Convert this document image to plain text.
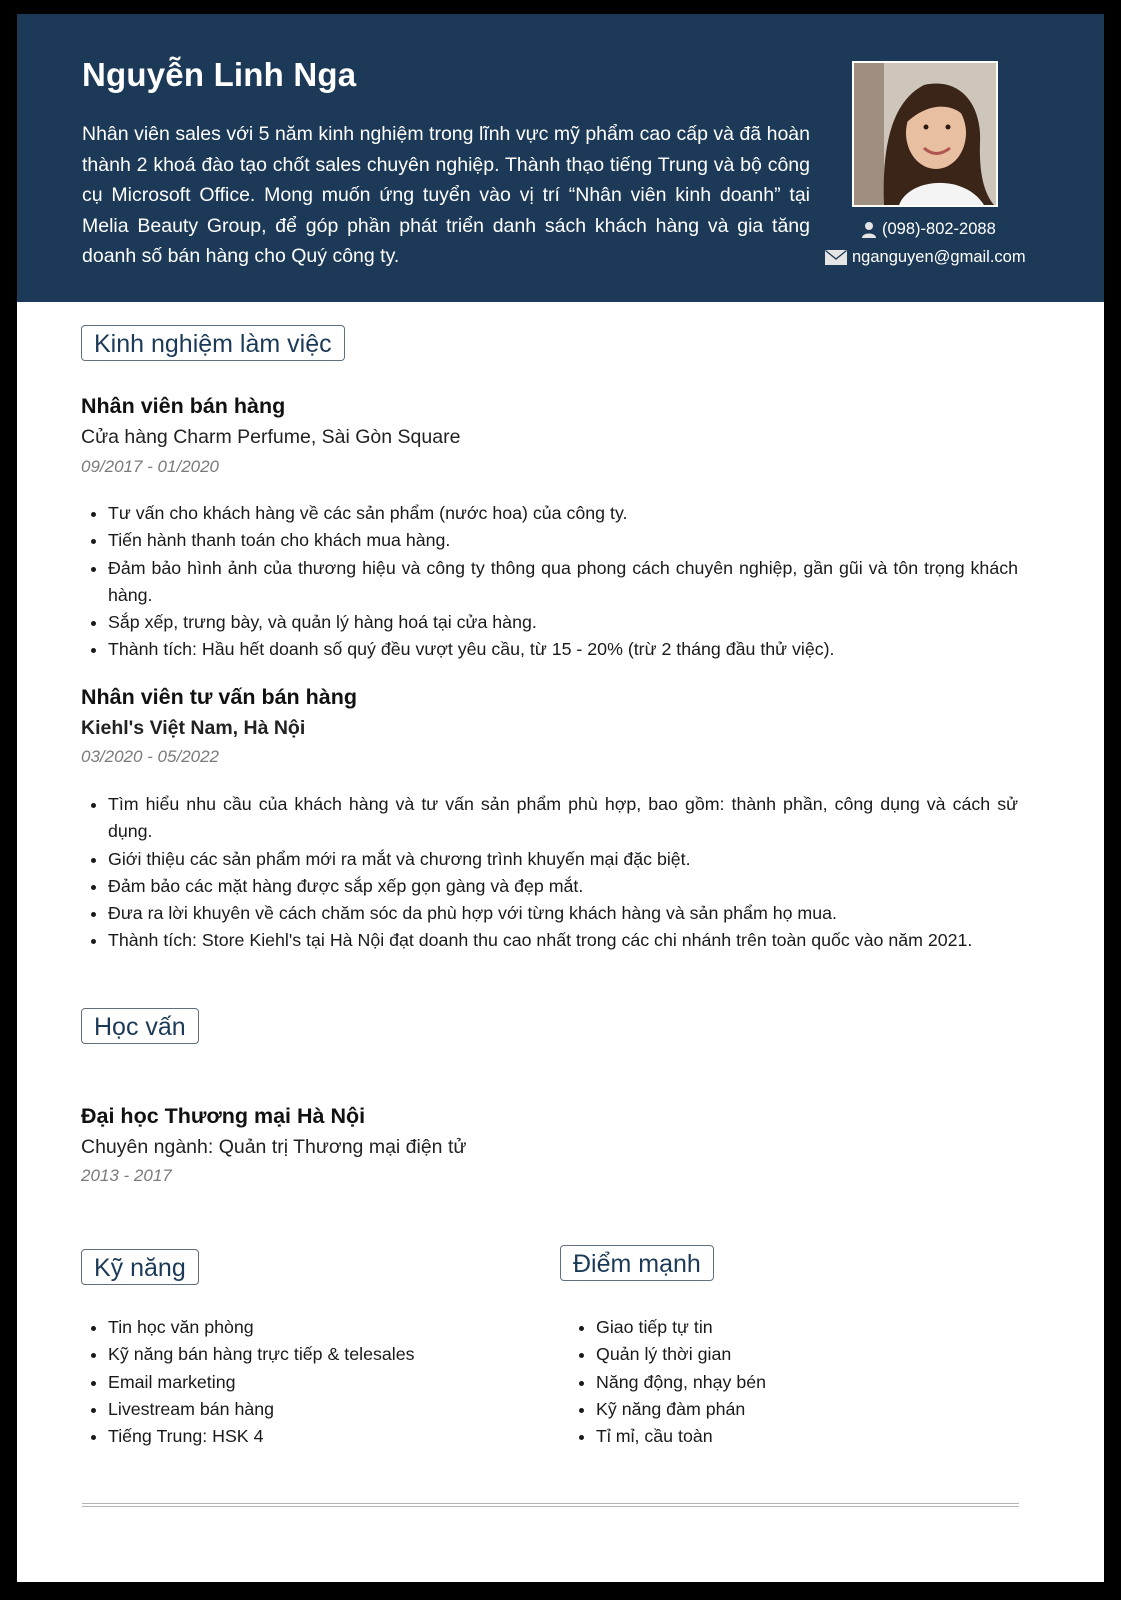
Nguyễn Linh Nga
Nhân viên sales với 5 năm kinh nghiệm trong lĩnh vực mỹ phẩm cao cấp và đã hoàn thành 2 khoá đào tạo chốt sales chuyên nghiệp. Thành thạo tiếng Trung và bộ công cụ Microsoft Office. Mong muốn ứng tuyển vào vị trí “Nhân viên kinh doanh” tại Melia Beauty Group, để góp phần phát triển danh sách khách hàng và gia tăng doanh số bán hàng cho Quý công ty.
(098)-802-2088
nganguyen@gmail.com
Kinh nghiệm làm việc
Nhân viên bán hàng
Cửa hàng Charm Perfume, Sài Gòn Square
09/2017 - 01/2020
• Tư vấn cho khách hàng về các sản phẩm (nước hoa) của công ty.
• Tiến hành thanh toán cho khách mua hàng.
• Đảm bảo hình ảnh của thương hiệu và công ty thông qua phong cách chuyên nghiệp, gần gũi và tôn trọng khách hàng.
• Sắp xếp, trưng bày, và quản lý hàng hoá tại cửa hàng.
• Thành tích: Hầu hết doanh số quý đều vượt yêu cầu, từ 15 - 20% (trừ 2 tháng đầu thử việc).
Nhân viên tư vấn bán hàng
Kiehl's Việt Nam, Hà Nội
03/2020 - 05/2022
• Tìm hiểu nhu cầu của khách hàng và tư vấn sản phẩm phù hợp, bao gồm: thành phần, công dụng và cách sử dụng.
• Giới thiệu các sản phẩm mới ra mắt và chương trình khuyến mại đặc biệt.
• Đảm bảo các mặt hàng được sắp xếp gọn gàng và đẹp mắt.
• Đưa ra lời khuyên về cách chăm sóc da phù hợp với từng khách hàng và sản phẩm họ mua.
• Thành tích: Store Kiehl's tại Hà Nội đạt doanh thu cao nhất trong các chi nhánh trên toàn quốc vào năm 2021.
Học vấn
Đại học Thương mại Hà Nội
Chuyên ngành: Quản trị Thương mại điện tử
2013 - 2017
Kỹ năng
• Tin học văn phòng
• Kỹ năng bán hàng trực tiếp & telesales
• Email marketing
• Livestream bán hàng
• Tiếng Trung: HSK 4
Điểm mạnh
• Giao tiếp tự tin
• Quản lý thời gian
• Năng động, nhạy bén
• Kỹ năng đàm phán
• Tỉ mỉ, cầu toàn
